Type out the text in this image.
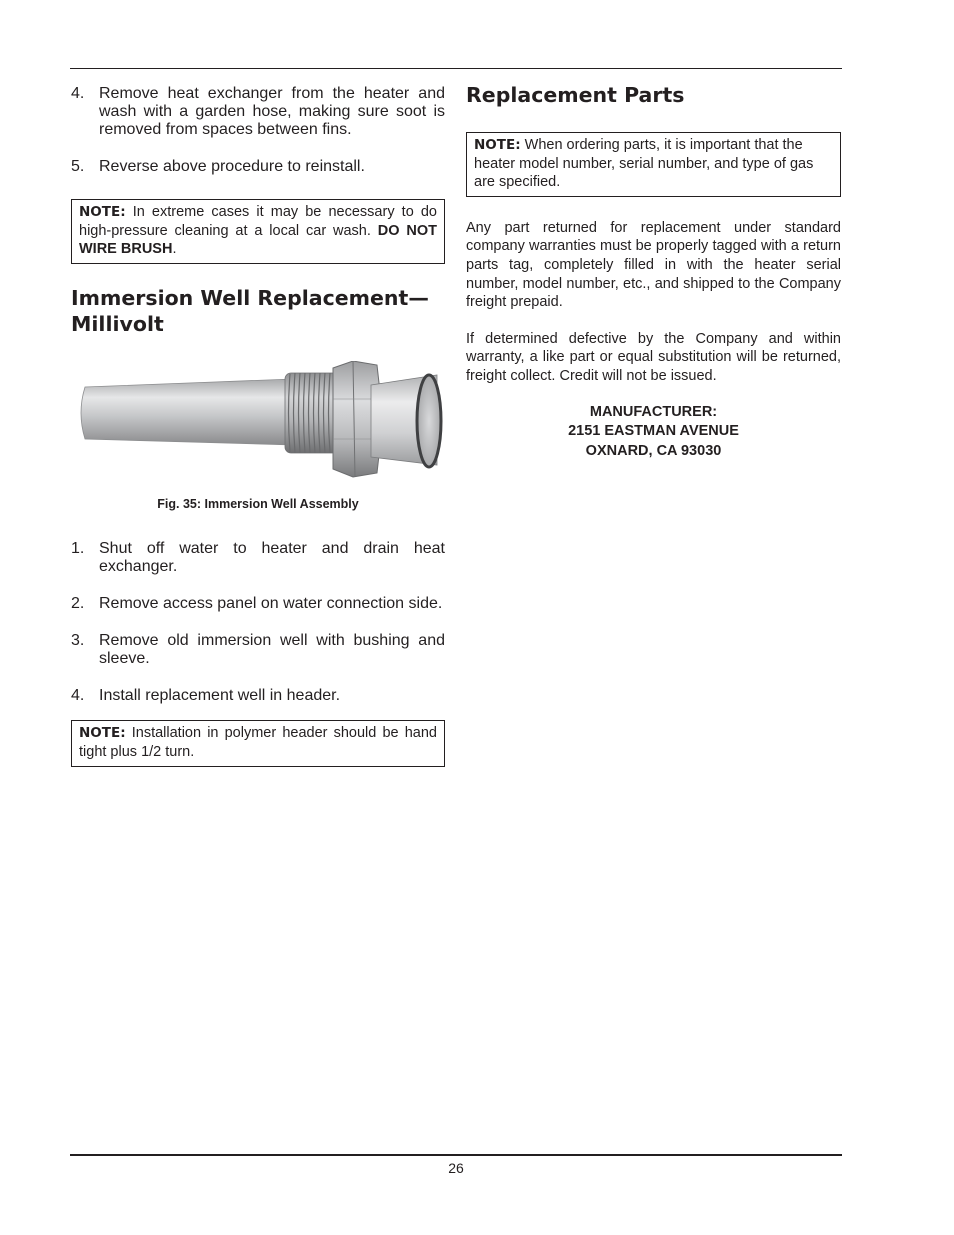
4. Remove heat exchanger from the heater and wash with a garden hose, making sure soot is removed from spaces between fins.
5. Reverse above procedure to reinstall.
NOTE: In extreme cases it may be necessary to do high-pressure cleaning at a local car wash. DO NOT WIRE BRUSH.
Immersion Well Replacement—
Millivolt

Fig. 35: Immersion Well Assembly

1. Shut off water to heater and drain heat exchanger.
2. Remove access panel on water connection side.
3. Remove old immersion well with bushing and sleeve.
4. Install replacement well in header.
NOTE: Installation in polymer header should be hand tight plus 1/2 turn.
Replacement Parts
NOTE: When ordering parts, it is important that the heater model number, serial number, and type of gas are specified.

Any part returned for replacement under standard company warranties must be properly tagged with a return parts tag, completely filled in with the heater serial number, model number, etc., and shipped to the Company freight prepaid.

If determined defective by the Company and within warranty, a like part or equal substitution will be returned, freight collect. Credit will not be issued.

MANUFACTURER:
2151 EASTMAN AVENUE
OXNARD, CA 93030
26
